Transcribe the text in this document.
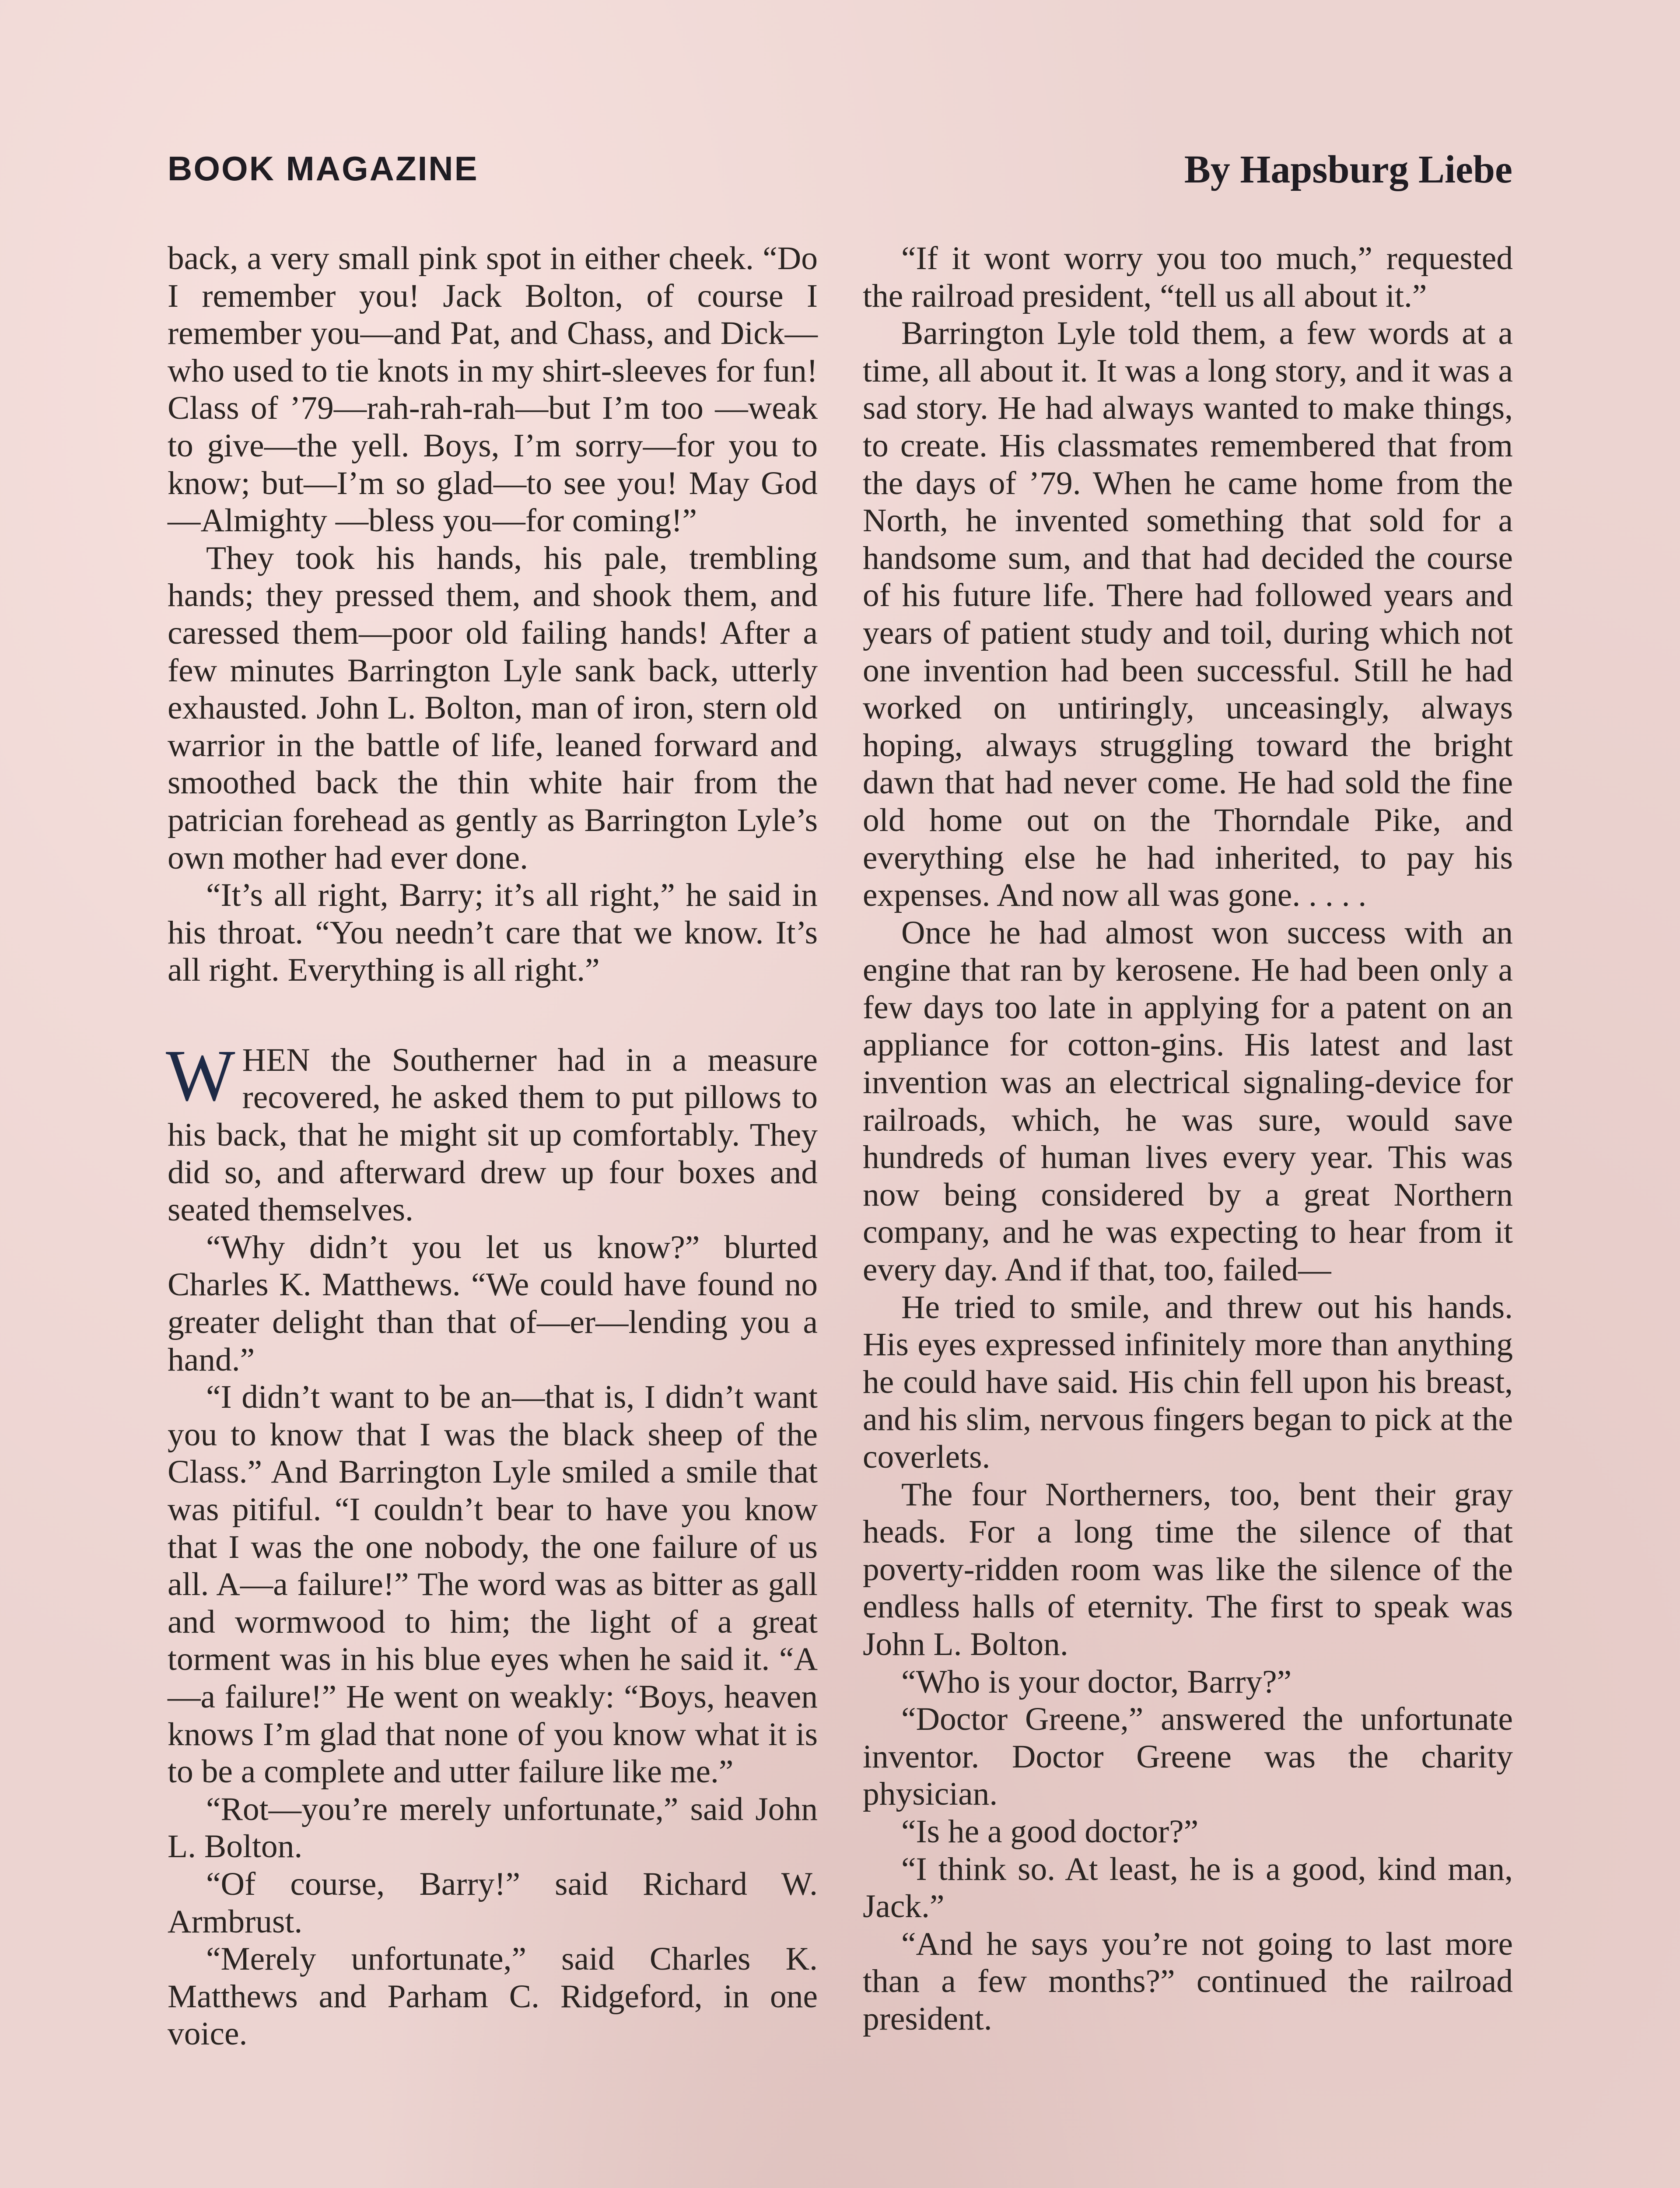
BOOK MAGAZINE	By Hapsburg Liebe

back, a very small pink spot in either cheek. “Do I remember you! Jack Bolton, of course I remember you—and Pat, and Chass, and Dick—who used to tie knots in my shirt-sleeves for fun! Class of ’79—rah-rah-rah—but I’m too —weak to give—the yell. Boys, I’m sorry—for you to know; but—I’m so glad—to see you! May God—Almighty —bless you—for coming!”

They took his hands, his pale, trembling hands; they pressed them, and shook them, and caressed them—poor old failing hands! After a few minutes Barrington Lyle sank back, utterly exhausted. John L. Bolton, man of iron, stern old warrior in the battle of life, leaned forward and smoothed back the thin white hair from the patrician forehead as gently as Barrington Lyle’s own mother had ever done.

“It’s all right, Barry; it’s all right,” he said in his throat. “You needn’t care that we know. It’s all right. Everything is all right.”

WHEN the Southerner had in a measure recovered, he asked them to put pillows to his back, that he might sit up comfortably. They did so, and afterward drew up four boxes and seated themselves.

“Why didn’t you let us know?” blurted Charles K. Matthews. “We could have found no greater delight than that of—er—lending you a hand.”

“I didn’t want to be an—that is, I didn’t want you to know that I was the black sheep of the Class.” And Barrington Lyle smiled a smile that was pitiful. “I couldn’t bear to have you know that I was the one nobody, the one failure of us all. A—a failure!” The word was as bitter as gall and wormwood to him; the light of a great torment was in his blue eyes when he said it. “A—a failure!” He went on weakly: “Boys, heaven knows I’m glad that none of you know what it is to be a complete and utter failure like me.”

“Rot—you’re merely unfortunate,” said John L. Bolton.

“Of course, Barry!” said Richard W. Armbrust.

“Merely unfortunate,” said Charles K. Matthews and Parham C. Ridgeford, in one voice.

“If it wont worry you too much,” requested the railroad president, “tell us all about it.”

Barrington Lyle told them, a few words at a time, all about it. It was a long story, and it was a sad story. He had always wanted to make things, to create. His classmates remembered that from the days of ’79. When he came home from the North, he invented something that sold for a handsome sum, and that had decided the course of his future life. There had followed years and years of patient study and toil, during which not one invention had been successful. Still he had worked on untiringly, unceasingly, always hoping, always struggling toward the bright dawn that had never come. He had sold the fine old home out on the Thorndale Pike, and everything else he had inherited, to pay his expenses. And now all was gone. . . . .

Once he had almost won success with an engine that ran by kerosene. He had been only a few days too late in applying for a patent on an appliance for cotton-gins. His latest and last invention was an electrical signaling-device for railroads, which, he was sure, would save hundreds of human lives every year. This was now being considered by a great Northern company, and he was expecting to hear from it every day. And if that, too, failed—

He tried to smile, and threw out his hands. His eyes expressed infinitely more than anything he could have said. His chin fell upon his breast, and his slim, nervous fingers began to pick at the coverlets.

The four Northerners, too, bent their gray heads. For a long time the silence of that poverty-ridden room was like the silence of the endless halls of eternity. The first to speak was John L. Bolton.

“Who is your doctor, Barry?”

“Doctor Greene,” answered the unfortunate inventor. Doctor Greene was the charity physician.

“Is he a good doctor?”

“I think so. At least, he is a good, kind man, Jack.”

“And he says you’re not going to last more than a few months?” continued the railroad president.
